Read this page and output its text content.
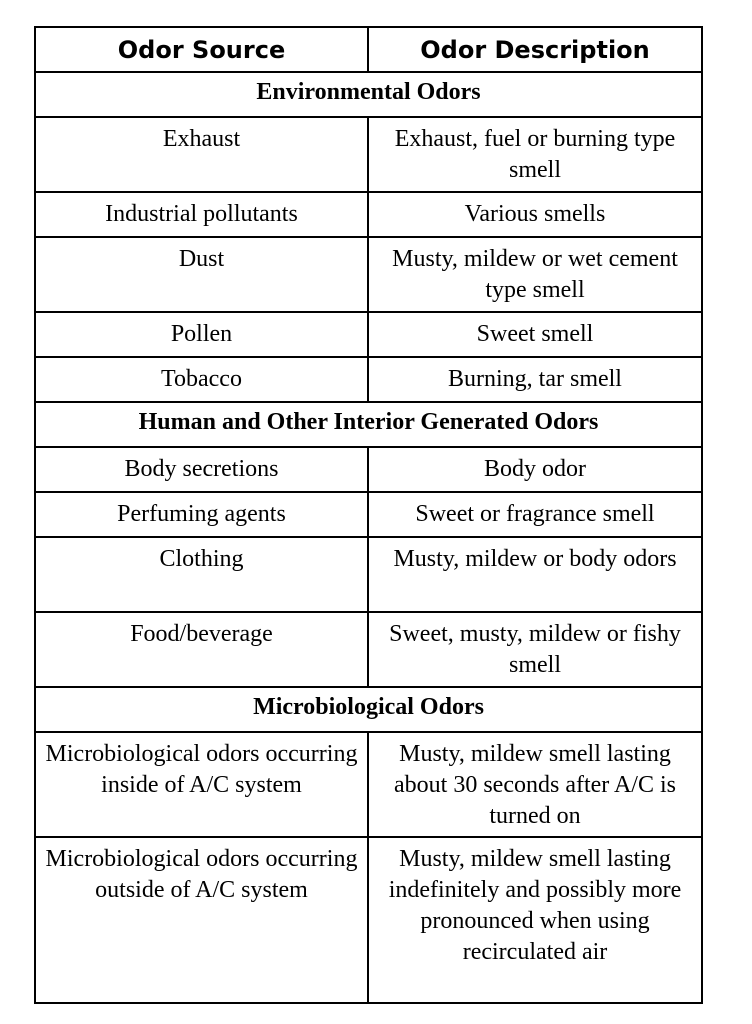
Odor Source	Odor Description
Environmental Odors	
Exhaust	Exhaust, fuel or burning type smell
Industrial pollutants	Various smells
Dust	Musty, mildew or wet cement type smell
Pollen	Sweet smell
Tobacco	Burning, tar smell
Human and Other Interior Generated Odors	
Body secretions	Body odor
Perfuming agents	Sweet or fragrance smell
Clothing	Musty, mildew or body odors
Food/beverage	Sweet, musty, mildew or fishy smell
Microbiological Odors	
Microbiological odors occurring inside of A/C system	Musty, mildew smell lasting about 30 seconds after A/C is turned on
Microbiological odors occurring outside of A/C system	Musty, mildew smell lasting indefinitely and possibly more pronounced when using recirculated air
